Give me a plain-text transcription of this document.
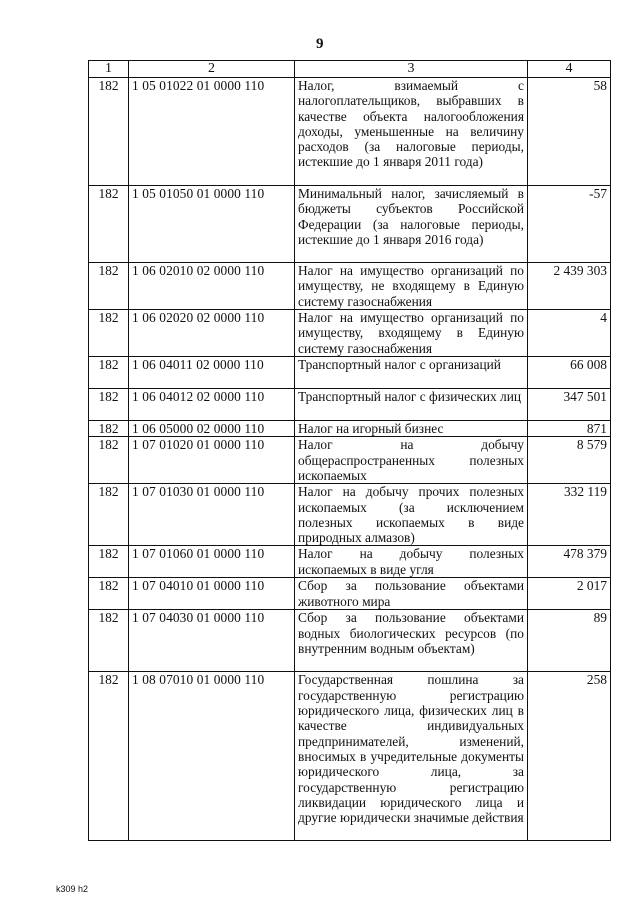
9
1	2	3	4
182	1 05 01022 01 0000 110	Налог, взимаемый с налогоплательщиков, выбравших в качестве объекта налогообложения доходы, уменьшенные на величину расходов (за налоговые периоды, истекшие до 1 января 2011 года)	58
182	1 05 01050 01 0000 110	Минимальный налог, зачисляемый в бюджеты субъектов Российской Федерации (за налоговые периоды, истекшие до 1 января 2016 года)	-57
182	1 06 02010 02 0000 110	Налог на имущество организаций по имуществу, не входящему в Единую систему газоснабжения	2 439 303
182	1 06 02020 02 0000 110	Налог на имущество организаций по имуществу, входящему в Единую систему газоснабжения	4
182	1 06 04011 02 0000 110	Транспортный налог с организаций	66 008
182	1 06 04012 02 0000 110	Транспортный налог с физических лиц	347 501
182	1 06 05000 02 0000 110	Налог на игорный бизнес	871
182	1 07 01020 01 0000 110	Налог на добычу общераспространенных полезных ископаемых	8 579
182	1 07 01030 01 0000 110	Налог на добычу прочих полезных ископаемых (за исключением полезных ископаемых в виде природных алмазов)	332 119
182	1 07 01060 01 0000 110	Налог на добычу полезных ископаемых в виде угля	478 379
182	1 07 04010 01 0000 110	Сбор за пользование объектами животного мира	2 017
182	1 07 04030 01 0000 110	Сбор за пользование объектами водных биологических ресурсов (по внутренним водным объектам)	89
182	1 08 07010 01 0000 110	Государственная пошлина за государственную регистрацию юридического лица, физических лиц в качестве индивидуальных предпринимателей, изменений, вносимых в учредительные документы юридического лица, за государственную регистрацию ликвидации юридического лица и другие юридически значимые действия	258
k309 h2
